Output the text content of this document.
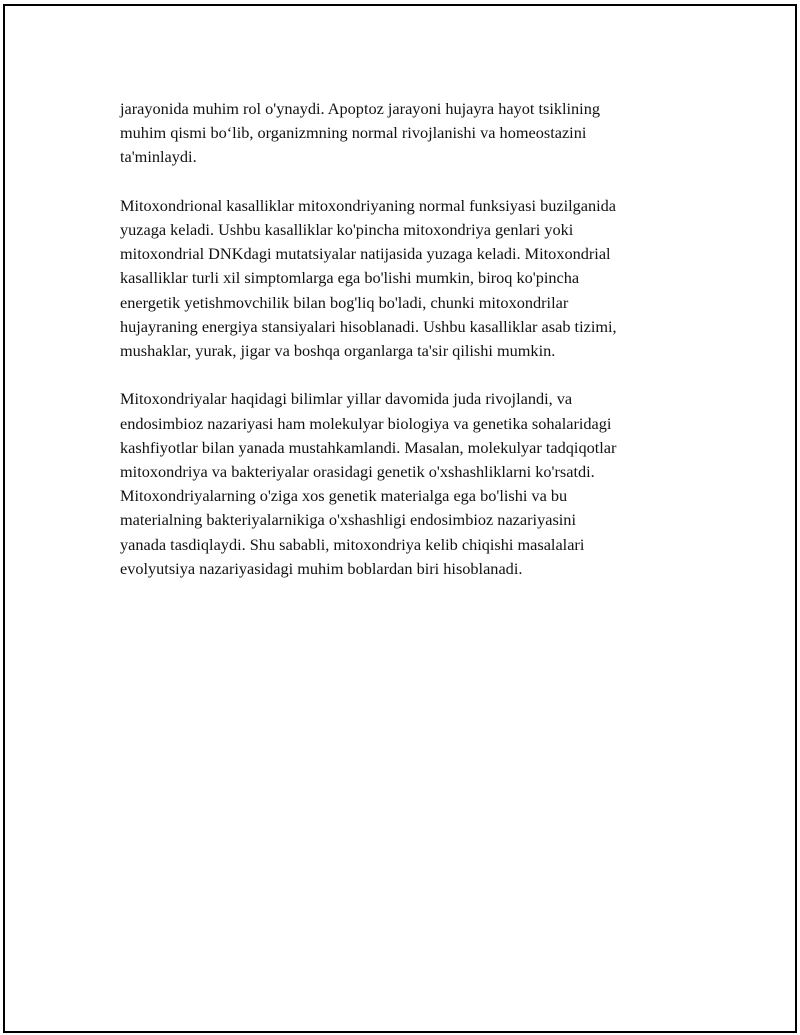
jarayonida muhim rol o'ynaydi. Apoptoz jarayoni hujayra hayot tsiklining
muhim qismi bo‘lib, organizmning normal rivojlanishi va homeostazini
ta'minlaydi.

Mitoxondrional kasalliklar mitoxondriyaning normal funksiyasi buzilganida
yuzaga keladi. Ushbu kasalliklar ko'pincha mitoxondriya genlari yoki
mitoxondrial DNKdagi mutatsiyalar natijasida yuzaga keladi. Mitoxondrial
kasalliklar turli xil simptomlarga ega bo'lishi mumkin, biroq ko'pincha
energetik yetishmovchilik bilan bog'liq bo'ladi, chunki mitoxondrilar
hujayraning energiya stansiyalari hisoblanadi. Ushbu kasalliklar asab tizimi,
mushaklar, yurak, jigar va boshqa organlarga ta'sir qilishi mumkin.

Mitoxondriyalar haqidagi bilimlar yillar davomida juda rivojlandi, va
endosimbioz nazariyasi ham molekulyar biologiya va genetika sohalaridagi
kashfiyotlar bilan yanada mustahkamlandi. Masalan, molekulyar tadqiqotlar
mitoxondriya va bakteriyalar orasidagi genetik o'xshashliklarni ko'rsatdi.
Mitoxondriyalarning o'ziga xos genetik materialga ega bo'lishi va bu
materialning bakteriyalarnikiga o'xshashligi endosimbioz nazariyasini
yanada tasdiqlaydi. Shu sababli, mitoxondriya kelib chiqishi masalalari
evolyutsiya nazariyasidagi muhim boblardan biri hisoblanadi.
